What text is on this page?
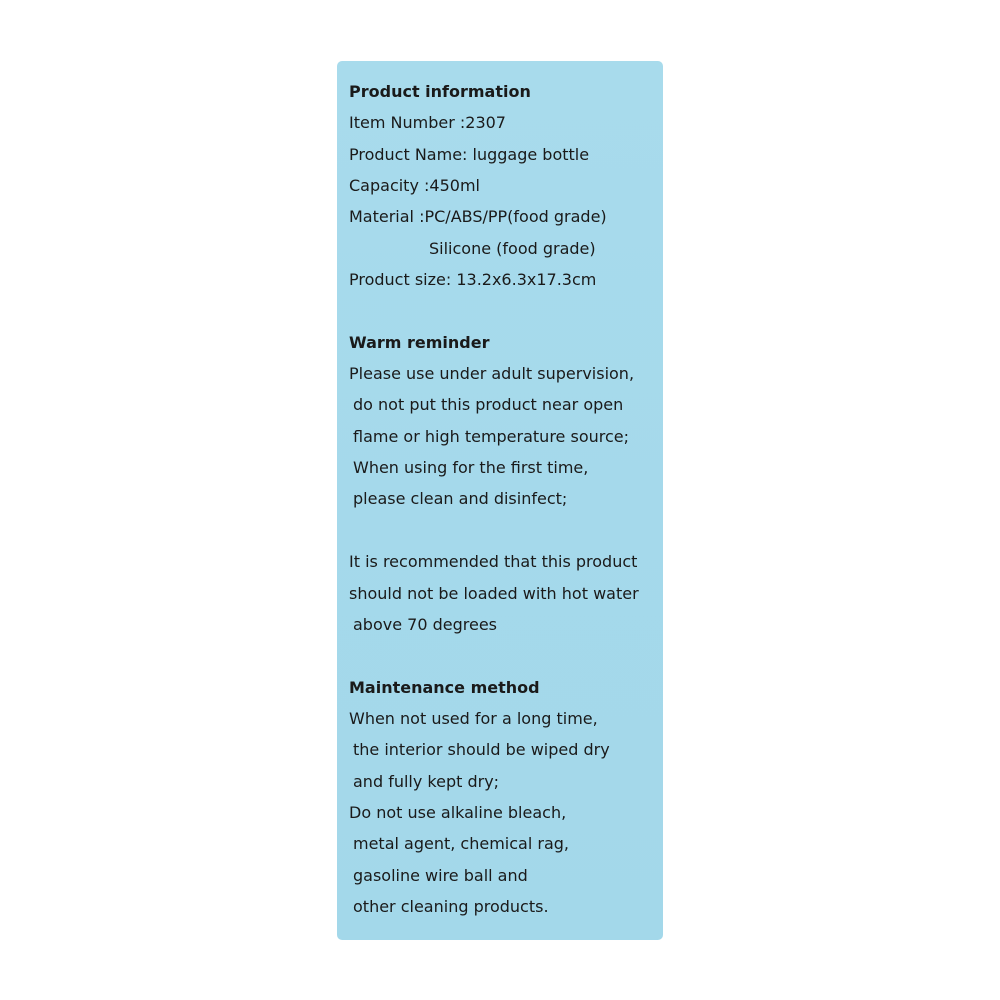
Product information
Item Number :2307
Product Name: luggage bottle
Capacity :450ml
Material :PC/ABS/PP(food grade)
Silicone (food grade)
Product size: 13.2x6.3x17.3cm
Warm reminder
Please use under adult supervision,
do not put this product near open
flame or high temperature source;
When using for the first time,
please clean and disinfect;
It is recommended that this product
should not be loaded with hot water
above 70 degrees
Maintenance method
When not used for a long time,
the interior should be wiped dry
and fully kept dry;
Do not use alkaline bleach,
metal agent, chemical rag,
gasoline wire ball and
other cleaning products.
